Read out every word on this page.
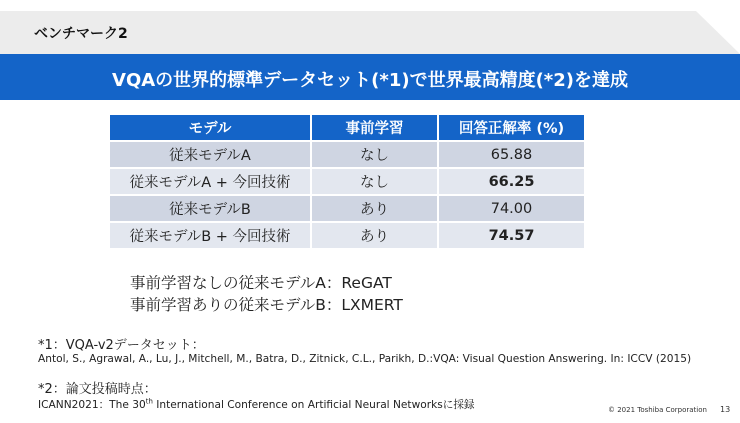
ベンチマーク2
VQAの世界的標準データセット(*1)で世界最高精度(*2)を達成
モデル	事前学習	回答正解率 (%)
従来モデルA	なし	65.88
従来モデルA + 今回技術	なし	66.25
従来モデルB	あり	74.00
従来モデルB + 今回技術	あり	74.57
事前学習なしの従来モデルA：ReGAT
事前学習ありの従来モデルB：LXMERT
*1：VQA-v2データセット：
Antol, S., Agrawal, A., Lu, J., Mitchell, M., Batra, D., Zitnick, C.L., Parikh, D.:VQA: Visual Question Answering. In: ICCV (2015)
*2：論文投稿時点：
ICANN2021：The 30th International Conference on Artificial Neural Networksに採録	© 2021 Toshiba Corporation 13
